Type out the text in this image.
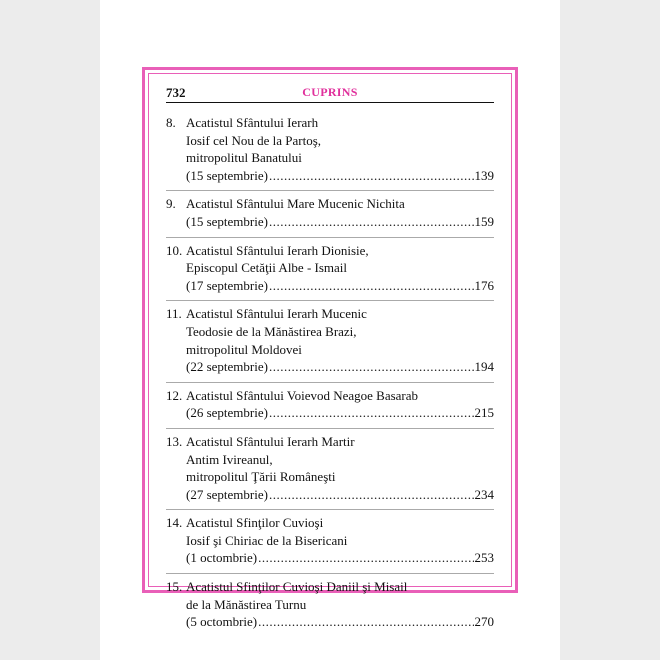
732	CUPRINS
8. Acatistul Sfântului Ierarh
Iosif cel Nou de la Partoş,
mitropolitul Banatului
(15 septembrie) .....	139
9. Acatistul Sfântului Mare Mucenic Nichita
(15 septembrie) .....	159
10. Acatistul Sfântului Ierarh Dionisie,
Episcopul Cetăţii Albe - Ismail
(17 septembrie) .....	176
11. Acatistul Sfântului Ierarh Mucenic
Teodosie de la Mănăstirea Brazi,
mitropolitul Moldovei
(22 septembrie) .....	194
12. Acatistul Sfântului Voievod Neagoe Basarab
(26 septembrie) .....	215
13. Acatistul Sfântului Ierarh Martir
Antim Ivireanul,
mitropolitul Ţării Româneşti
(27 septembrie) .....	234
14. Acatistul Sfinţilor Cuvioşi
Iosif şi Chiriac de la Bisericani
(1 octombrie) .....	253
15. Acatistul Sfinţilor Cuvioşi Daniil şi Misail
de la Mănăstirea Turnu
(5 octombrie) .....	270
